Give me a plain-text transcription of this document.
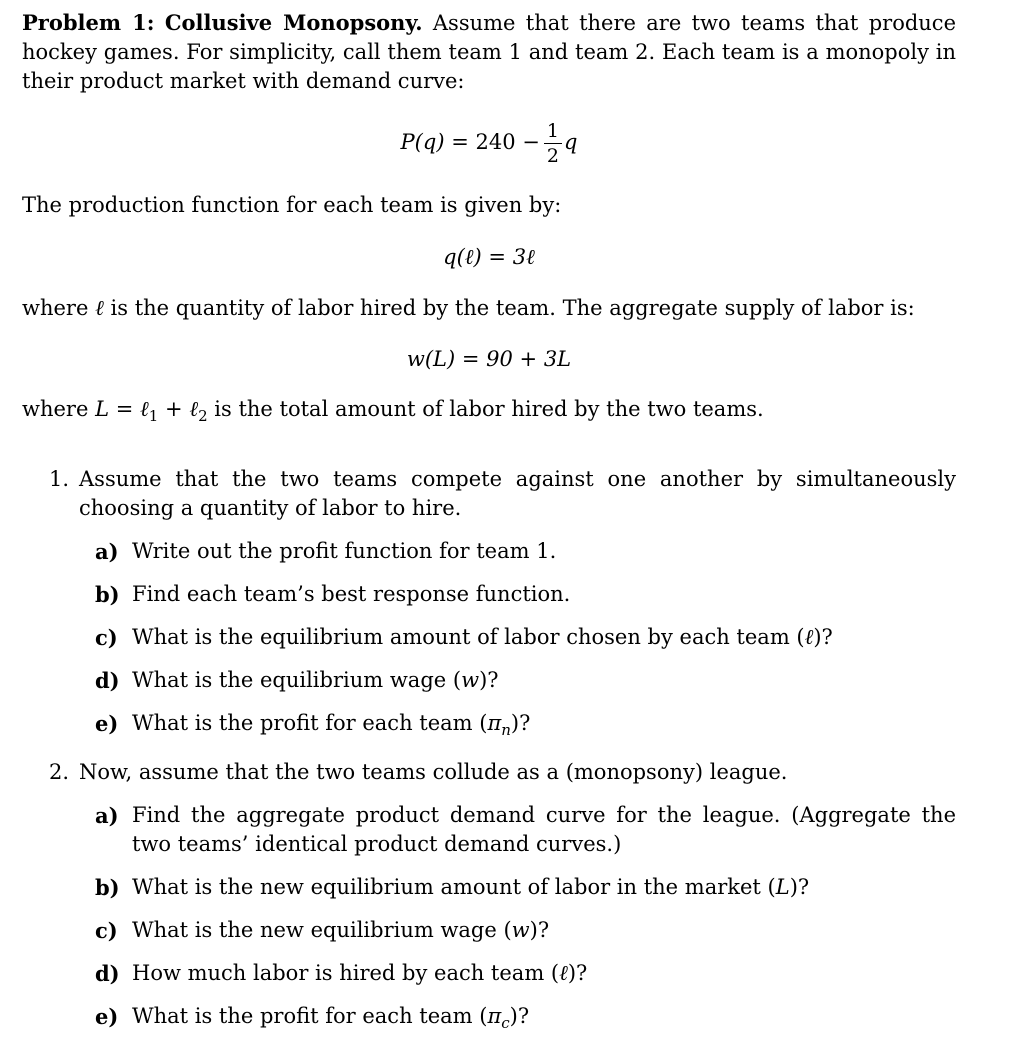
Problem 1: Collusive Monopsony. Assume that there are two teams that produce hockey games. For simplicity, call them team 1 and team 2. Each team is a monopoly in their product market with demand curve:

$P(q) = 240 - \frac{1}{2}$ q

The production function for each team is given by:

q(ℓ) = 3ℓ

where ℓ is the quantity of labor hired by the team. The aggregate supply of labor is:

w(L) = 90 + 3L

where L = ℓ$_1$ + ℓ$_2$ is the total amount of labor hired by the two teams.

1. Assume that the two teams compete against one another by simultaneously choosing a quantity of labor to hire.
a) Write out the profit function for team 1.
b) Find each team’s best response function.
c) What is the equilibrium amount of labor chosen by each team (ℓ)?
d) What is the equilibrium wage (w)?
e) What is the profit for each team $(\pi_n)$?
2. Now, assume that the two teams collude as a (monopsony) league.
a) Find the aggregate product demand curve for the league. (Aggregate the two teams’ identical product demand curves.)
b) What is the new equilibrium amount of labor in the market (L)?
c) What is the new equilibrium wage (w)?
d) How much labor is hired by each team (ℓ)?
e) What is the profit for each team $(\pi_c)$?
